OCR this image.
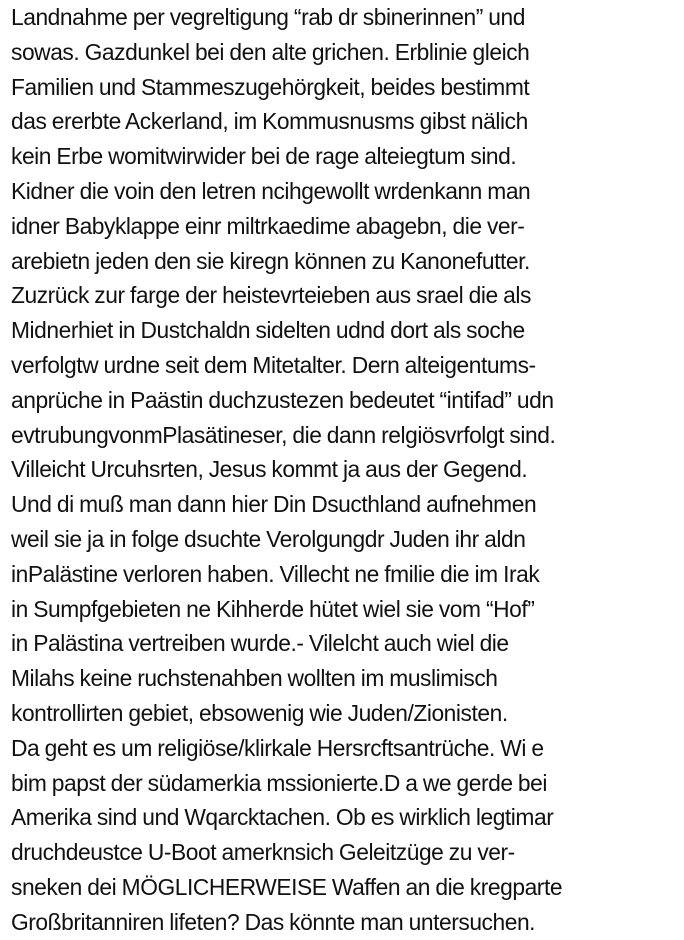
Landnahme per vegreltigung “rab dr sbinerinnen” und
sowas. Gazdunkel bei den alte grichen. Erblinie gleich
Familien und Stammeszugehörgkeit, beides bestimmt
das ererbte Ackerland, im Kommusnusms gibst nälich
kein Erbe womitwirwider bei de rage alteiegtum sind.
Kidner die voin den letren ncihgewollt wrdenkann man
idner Babyklappe einr miltrkaedime abagebn, die ver-
arebietn jeden den sie kiregn können zu Kanonefutter.
Zuzrück zur farge der heistevrteieben aus srael die als
Midnerhiet in Dustchaldn sidelten udnd dort als soche
verfolgtw urdne seit dem Mitetalter. Dern alteigentums-
anprüche in Paästin duchzustezen bedeutet “intifad” udn
evtrubungvonmPlasätineser, die dann relgiösvrfolgt sind.
Villeicht Urcuhsrten, Jesus kommt ja aus der Gegend.
Und di muß man dann hier Din Dsucthland aufnehmen
weil sie ja in folge dsuchte Verolgungdr Juden ihr aldn
inPalästine verloren haben. Villecht ne fmilie die im Irak
in Sumpfgebieten ne Kihherde hütet wiel sie vom “Hof”
in Palästina vertreiben wurde.- Vilelcht auch wiel die
Milahs keine ruchstenahben wollten im muslimisch
kontrollirten gebiet, ebsowenig wie Juden/Zionisten.
Da geht es um religiöse/klirkale Hersrcftsantrüche. Wi e
bim papst der südamerkia mssionierte.D a we gerde bei
Amerika sind und Wqarcktachen. Ob es wirklich legtimar
druchdeustce U-Boot amerknsich Geleitzüge zu ver-
sneken dei MÖGLICHERWEISE Waffen an die kregparte
Großbritanniren lifeten? Das könnte man untersuchen.
